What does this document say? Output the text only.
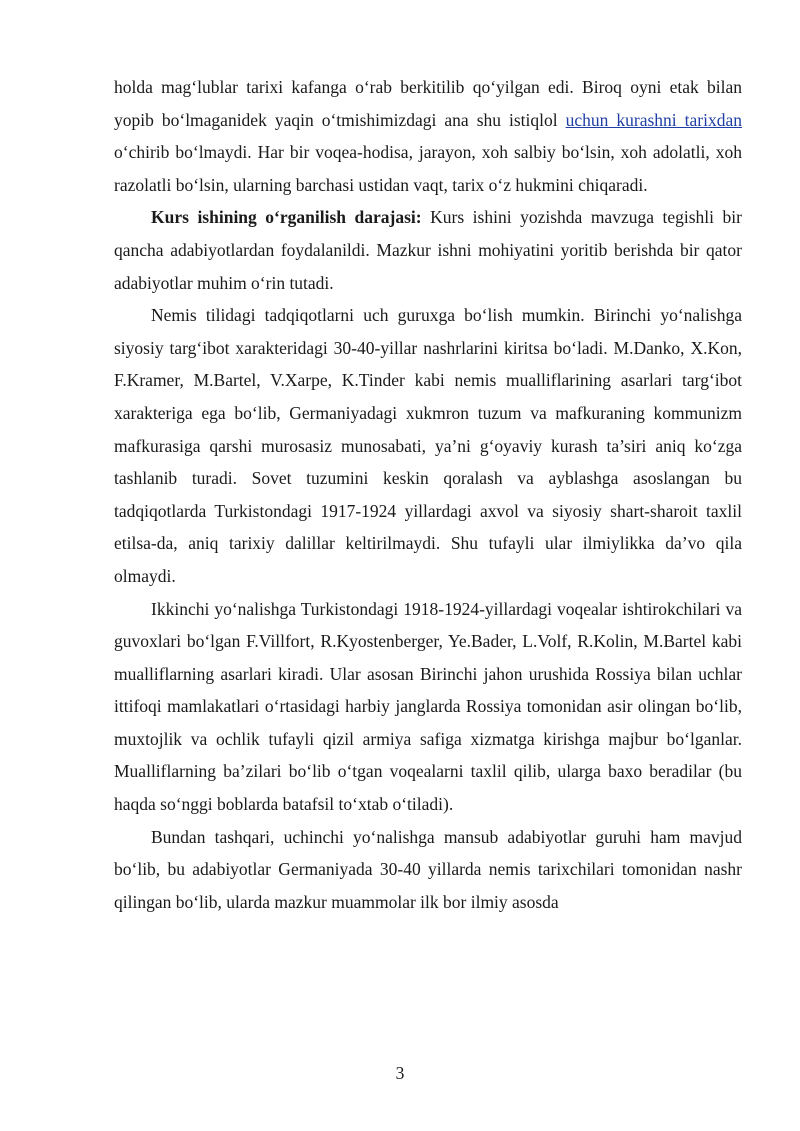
holda mag‘lublar tarixi kafanga o‘rab berkitilib qo‘yilgan edi. Biroq oyni etak bilan yopib bo‘lmaganidek yaqin o‘tmishimizdagi ana shu istiqlol uchun kurashni tarixdan o‘chirib bo‘lmaydi. Har bir voqea-hodisa, jarayon, xoh salbiy bo‘lsin, xoh adolatli, xoh razolatli bo‘lsin, ularning barchasi ustidan vaqt, tarix o‘z hukmini chiqaradi.

Kurs ishining o‘rganilish darajasi: Kurs ishini yozishda mavzuga tegishli bir qancha adabiyotlardan foydalanildi. Mazkur ishni mohiyatini yoritib berishda bir qator adabiyotlar muhim o‘rin tutadi.

Nemis tilidagi tadqiqotlarni uch guruxga bo‘lish mumkin. Birinchi yo‘nalishga siyosiy targ‘ibot xarakteridagi 30-40-yillar nashrlarini kiritsa bo‘ladi. M.Danko, X.Kon, F.Kramer, M.Bartel, V.Xarpe, K.Tinder kabi nemis mualliflarining asarlari targ‘ibot xarakteriga ega bo‘lib, Germaniyadagi xukmron tuzum va mafkuraning kommunizm mafkurasiga qarshi murosasiz munosabati, ya’ni g‘oyaviy kurash ta’siri aniq ko‘zga tashlanib turadi. Sovet tuzumini keskin qoralash va ayblashga asoslangan bu tadqiqotlarda Turkistondagi 1917-1924 yillardagi axvol va siyosiy shart-sharoit taxlil etilsa-da, aniq tarixiy dalillar keltirilmaydi. Shu tufayli ular ilmiylikka da’vo qila olmaydi.

Ikkinchi yo‘nalishga Turkistondagi 1918-1924-yillardagi voqealar ishtirokchilari va guvoxlari bo‘lgan F.Villfort, R.Kyostenberger, Ye.Bader, L.Volf, R.Kolin, M.Bartel kabi mualliflarning asarlari kiradi. Ular asosan Birinchi jahon urushida Rossiya bilan uchlar ittifoqi mamlakatlari o‘rtasidagi harbiy janglarda Rossiya tomonidan asir olingan bo‘lib, muxtojlik va ochlik tufayli qizil armiya safiga xizmatga kirishga majbur bo‘lganlar. Mualliflarning ba’zilari bo‘lib o‘tgan voqealarni taxlil qilib, ularga baxo beradilar (bu haqda so‘nggi boblarda batafsil to‘xtab o‘tiladi).

Bundan tashqari, uchinchi yo‘nalishga mansub adabiyotlar guruhi ham mavjud bo‘lib, bu adabiyotlar Germaniyada 30-40 yillarda nemis tarixchilari tomonidan nashr qilingan bo‘lib, ularda mazkur muammolar ilk bor ilmiy asosda

3
